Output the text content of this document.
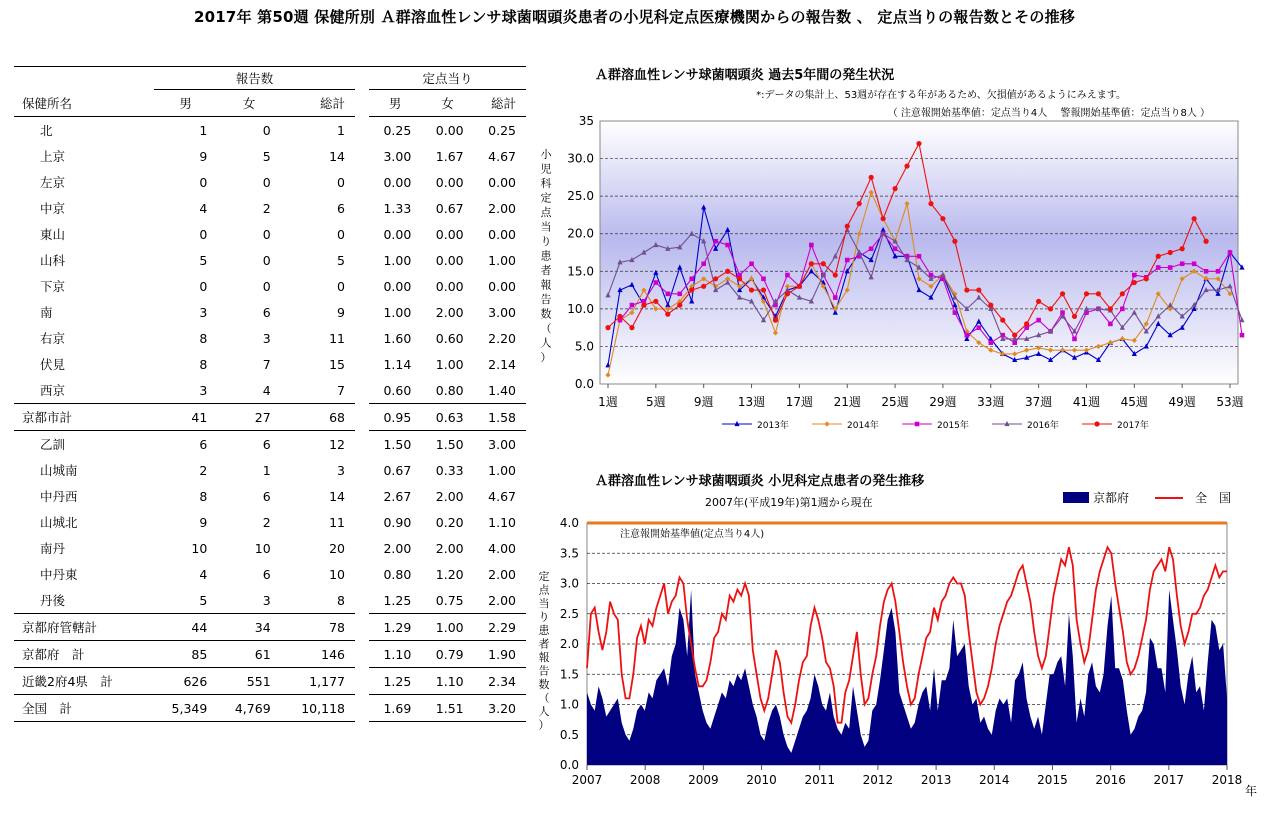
2017年 第50週 保健所別 Ａ群溶血性レンサ球菌咽頭炎患者の小児科定点医療機関からの報告数 、 定点当りの報告数とその推移
	報告数				定点当り		
保健所名	男	女	総計		男	女	総計
北	1	0	1		0.25	0.00	0.25
上京	9	5	14		3.00	1.67	4.67
左京	0	0	0		0.00	0.00	0.00
中京	4	2	6		1.33	0.67	2.00
東山	0	0	0		0.00	0.00	0.00
山科	5	0	5		1.00	0.00	1.00
下京	0	0	0		0.00	0.00	0.00
南	3	6	9		1.00	2.00	3.00
右京	8	3	11		1.60	0.60	2.20
伏見	8	7	15		1.14	1.00	2.14
西京	3	4	7		0.60	0.80	1.40
京都市計	41	27	68		0.95	0.63	1.58
乙訓	6	6	12		1.50	1.50	3.00
山城南	2	1	3		0.67	0.33	1.00
中丹西	8	6	14		2.67	2.00	4.67
山城北	9	2	11		0.90	0.20	1.10
南丹	10	10	20		2.00	2.00	4.00
中丹東	4	6	10		0.80	1.20	2.00
丹後	5	3	8		1.25	0.75	2.00
京都府管轄計	44	34	78		1.29	1.00	2.29
京都府　計	85	61	146		1.10	0.79	1.90
近畿2府4県　計	626	551	1,177		1.25	1.10	2.34
全国　計	5,349	4,769	10,118		1.69	1.51	3.20
Ａ群溶血性レンサ球菌咽頭炎 過去5年間の発生状況
*:データの集計上、53週が存在する年があるため、欠損値があるようにみえます。
（ 注意報開始基準値：定点当り4人　 警報開始基準値：定点当り8人 ）
0.0
5.0
10.0
15.0
20.0
25.0
30.0
35
小
児
科
定
点
当
り
患
者
報
告
数
（
人
）
1週 5週 9週 13週 17週 21週 25週 29週 33週 37週 41週 45週 49週 53週
2013年	2014年	2015年	2016年	2017年
Ａ群溶血性レンサ球菌咽頭炎 小児科定点患者の発生推移
2007年(平成19年)第1週から現在	京都府	全　国
0.0
0.5
1.0
1.5
2.0
2.5
3.0
3.5
4.0
定
点
当
り
患
者
報
告
数
（
人
）
注意報開始基準値(定点当り4人)
2007 2008 2009 2010 2011 2012 2013 2014 2015 2016 2017 2018
年
